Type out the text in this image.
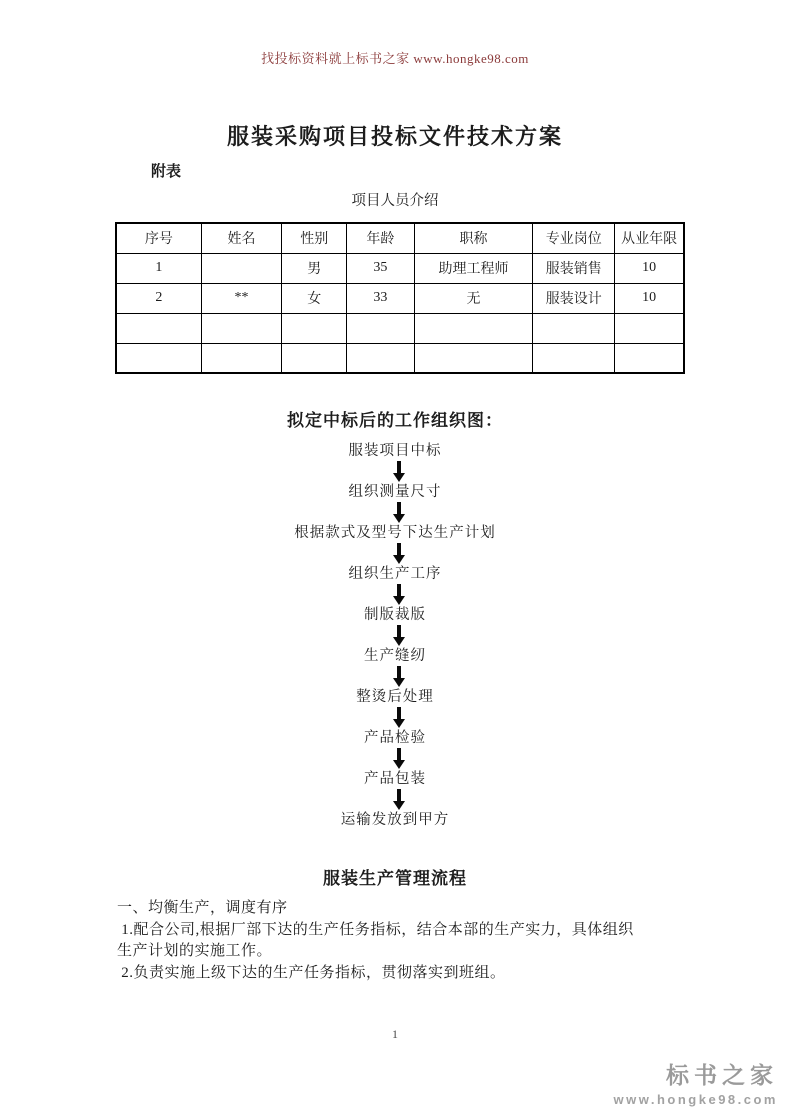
找投标资料就上标书之家 www.hongke98.com
服装采购项目投标文件技术方案
附表
项目人员介绍
序号	姓名	性别	年龄	职称	专业岗位	从业年限
1		男	35	助理工程师	服装销售	10
2	**	女	33	无	服装设计	10

拟定中标后的工作组织图：
服装项目中标
组织测量尺寸
根据款式及型号下达生产计划
组织生产工序
制版裁版
生产缝纫
整烫后处理
产品检验
产品包装
运输发放到甲方
服装生产管理流程
一、均衡生产，调度有序
1.配合公司,根据厂部下达的生产任务指标，结合本部的生产实力，具体组织
生产计划的实施工作。
2.负责实施上级下达的生产任务指标，贯彻落实到班组。
1
标书之家
www.hongke98.com
